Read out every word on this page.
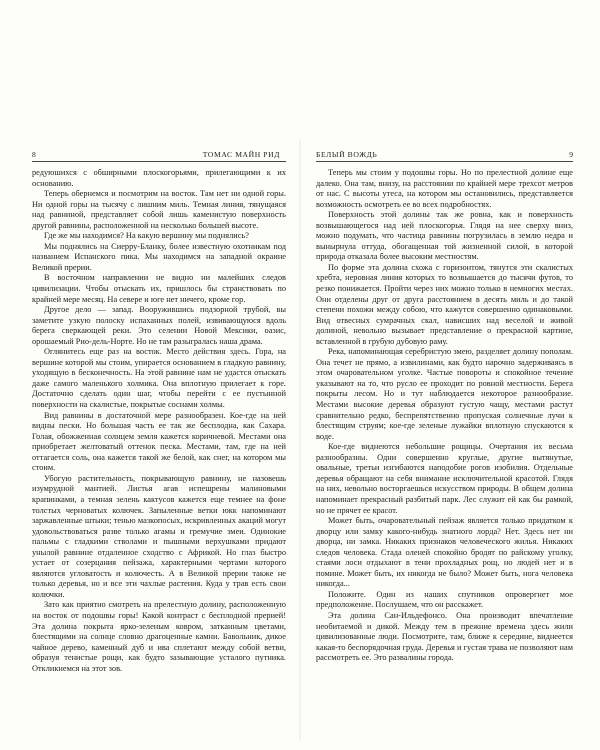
8	ТОМАС МАЙН РИД

редуюшихся с обширными плоскогорьями, прилегающими к их основанию.

Теперь обернемся и посмотрим на восток. Там нет ни одной горы. Ни одной горы на тысячу с лишним миль. Темная линия, тянущаяся над равниной, представляет собой лишь каменистую поверхность другой равнины, расположенной на несколько большей высоте.

Где же мы находимся? На какую вершину мы поднялись?

Мы поднялись на Сиерру-Бланку, более известную охотникам под названием Испанского пика. Мы находимся на западной окраине Великой прерии.

В восточном направлении не видно ни малейших следов цивилизации. Чтобы отыскать их, пришлось бы странствовать по крайней мере месяц. На севере и юге нет ничего, кроме гор.

Другое дело — запад. Вооружившись подзорной трубой, вы заметите узкую полоску испаханных полей, извивающуюся вдоль берега сверкающей реки. Это селении Новой Мексики, оазис, орошаемый Рио-дель-Норте. Но не там разыгралась наша драма.

Оглянитесь еще раз на восток. Место действия здесь. Гора, на вершине которой мы стоим, упирается основанием в гладкую равнину, уходящую в бесконечность. На этой равнине нам не удастся отыскать даже самого маленького холмика. Она вплотную прилегает к горе. Достаточно сделать один шаг, чтобы перейти с ее пустынной поверхности на скалистые, покрытые соснами холмы.

Вид равнины в достаточной мере разнообразен. Кое-где на ней видны пески. Но большая часть ее так же бесплодна, как Сахара. Голая, обожженная солнцем земля кажется коричневой. Местами она приобретает желтоватый оттенок песка. Местами, там, где на ней оттагается соль, она кажется такой же белой, как снег, на котором мы стоим.

Убогую растительность, покрывающую равнину, не назовешь изумрудной мантией. Листья агав испещрены малиновыми крапинками, а темная зелень кактусов кажется еще темнее на фоне толстых черноватых колючек. Запыленные ветки юкк напоминают заржавленные штыки; тенью мазкопосых, искривленных акаций могут удовольствоваться разве только агамы и гремучие змеи. Одинокие пальмы с гладкими стволами и пышными верхушками придают унылой равнине отдаленное сходство с Африкой. Но глаз быстро устает от созерцания пейзажа, характерными чертами которого являются угловатость и колючесть. А в Великой прерии также не только деревья, но и все эти чахлые растения. Куда у трав есть свои колючки.

Зато как приятно смотреть на прелестную долину, расположенную на восток от подошвы горы! Какой контраст с бесплодной прерией! Эта долина покрыта ярко-зеленым ковром, затканным цветами, блестящими на солнце словно драгоценные камни. Бавольник, дикое чайное дерево, каменный дуб и ива сплетают между собой ветви, образуя тенистые рощи, как будто зазывающие усталого путника. Откликнемся на этот зов.

БЕЛЫЙ ВОЖДЬ	9

Теперь мы стоим у подошвы горы. Но по прелестной долине еще далеко. Она там, внизу, на расстоянии по крайней мере трехсот метров от нас. С высоты утеса, на котором мы остановились, представляется возможность осмотреть ее во всех подробностях.

Поверхность этой долины так же ровна, как и поверхность возвышающегося над ней плоскогорья. Глядя на нее сверху вниз, можно подумать, что частица равнины погрузилась в землю недра и вынырнула оттуда, обогащенная той жизненной силой, в которой природа отказала более высоким местностям.

По форме эта долина схожа с горизонтом, тянутся эти скалистых хребта, неровная линия которых то возвышается до тысячи футов, то резко понижается. Пройти через них можно только в немногих местах. Они отделены друг от друга расстоянием в десять миль и до такой степени похожи между собою, что кажутся совершенно одинаковыми. Вид отвесных сумрачных скал, нависших над веселой и живой долиной, невольно вызывает представление о прекрасной картине, вставленной в грубую дубовую раму.

Река, напоминающая серебристую змею, разделяет долину пополам. Она течет не прямо, а извилинами, как будто нарочно задерживаясь в этом очаровательном уголке. Частые повороты и спокойное течение указывают на то, что русло ее проходит по ровной местности. Берега покрыты лесом. Но и тут наблюдается некоторое разнообразие. Местами высокие деревья образуют густую чащу, местами растут сравнительно редко, беспрепятственно пропуская солнечные лучи к блестящим струям; кое-где зеленые лужайки вплотную спускаются к воде.

Кое-где виднеются небольшие рощицы. Очертания их весьма разнообразны. Одни совершенно круглые, другие вытянутые, овальные, третьи изгибаются наподобие рогов изобилия. Отдельные деревья обращают на себя внимание исключительной красотой. Глядя на них, невольно восторгаешься искусством природы. В общем долина напоминает прекрасный разбитый парк. Лес служит ей как бы рамкой, но не прячет ее красот.

Может быть, очаровательный пейзаж является только придатком к дворцу или замку какого-нибудь знатного лорда? Нет. Здесь нет ни дворца, ни замка. Никаких признаков человеческого жилья. Никаких следов человека. Стада оленей спокойно бродят по райскому уголку, стаями лоси отдыхают в тени прохладных рощ, но людей нет и в помине. Может быть, их никогда не было? Может быть, нога человека никогда...

Положите. Один из наших спутников опровергнет мое предположение. Послушаем, что он расскажет.

Эта долина Сан-Ильдефонсо. Она производит впечатление необитаемой и дикой. Между тем в прежние времена здесь жили цивилизованные люди. Посмотрите, там, ближе к середине, виднеется какая-то беспорядочная груда. Деревья и густая трава не позволяют нам рассмотреть ее. Это развалины города.
